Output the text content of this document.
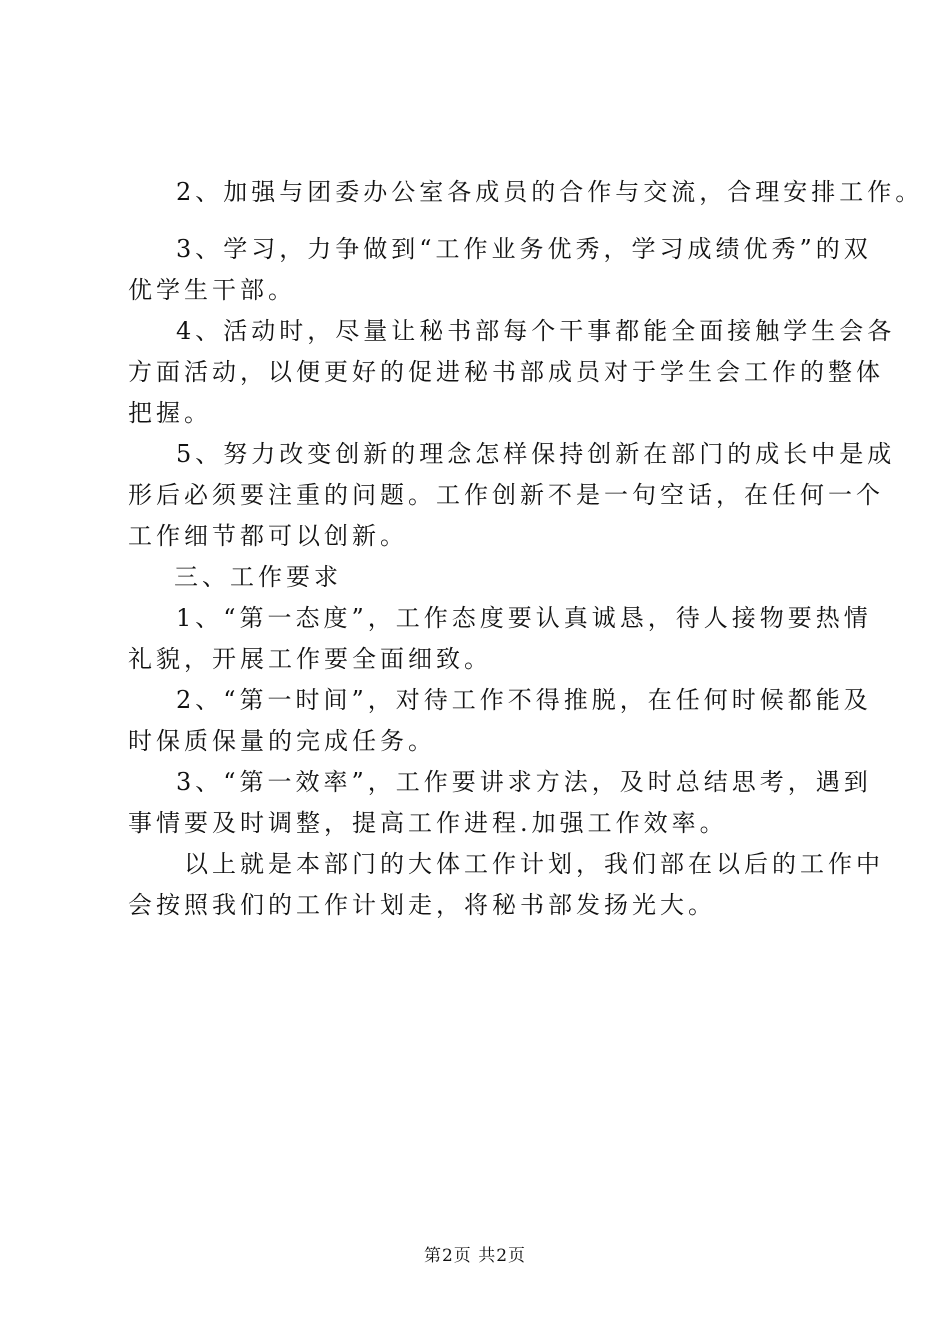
2、加强与团委办公室各成员的合作与交流，合理安排工作。
3、学习，力争做到“工作业务优秀，学习成绩优秀”的双
优学生干部。
4、活动时，尽量让秘书部每个干事都能全面接触学生会各
方面活动，以便更好的促进秘书部成员对于学生会工作的整体
把握。
5、努力改变创新的理念怎样保持创新在部门的成长中是成
形后必须要注重的问题。工作创新不是一句空话，在任何一个
工作细节都可以创新。
三、工作要求
1、“第一态度”，工作态度要认真诚恳，待人接物要热情
礼貌，开展工作要全面细致。
2、“第一时间”，对待工作不得推脱，在任何时候都能及
时保质保量的完成任务。
3、“第一效率”，工作要讲求方法，及时总结思考，遇到
事情要及时调整，提高工作进程.加强工作效率。
以上就是本部门的大体工作计划，我们部在以后的工作中
会按照我们的工作计划走，将秘书部发扬光大。
第2页 共2页
